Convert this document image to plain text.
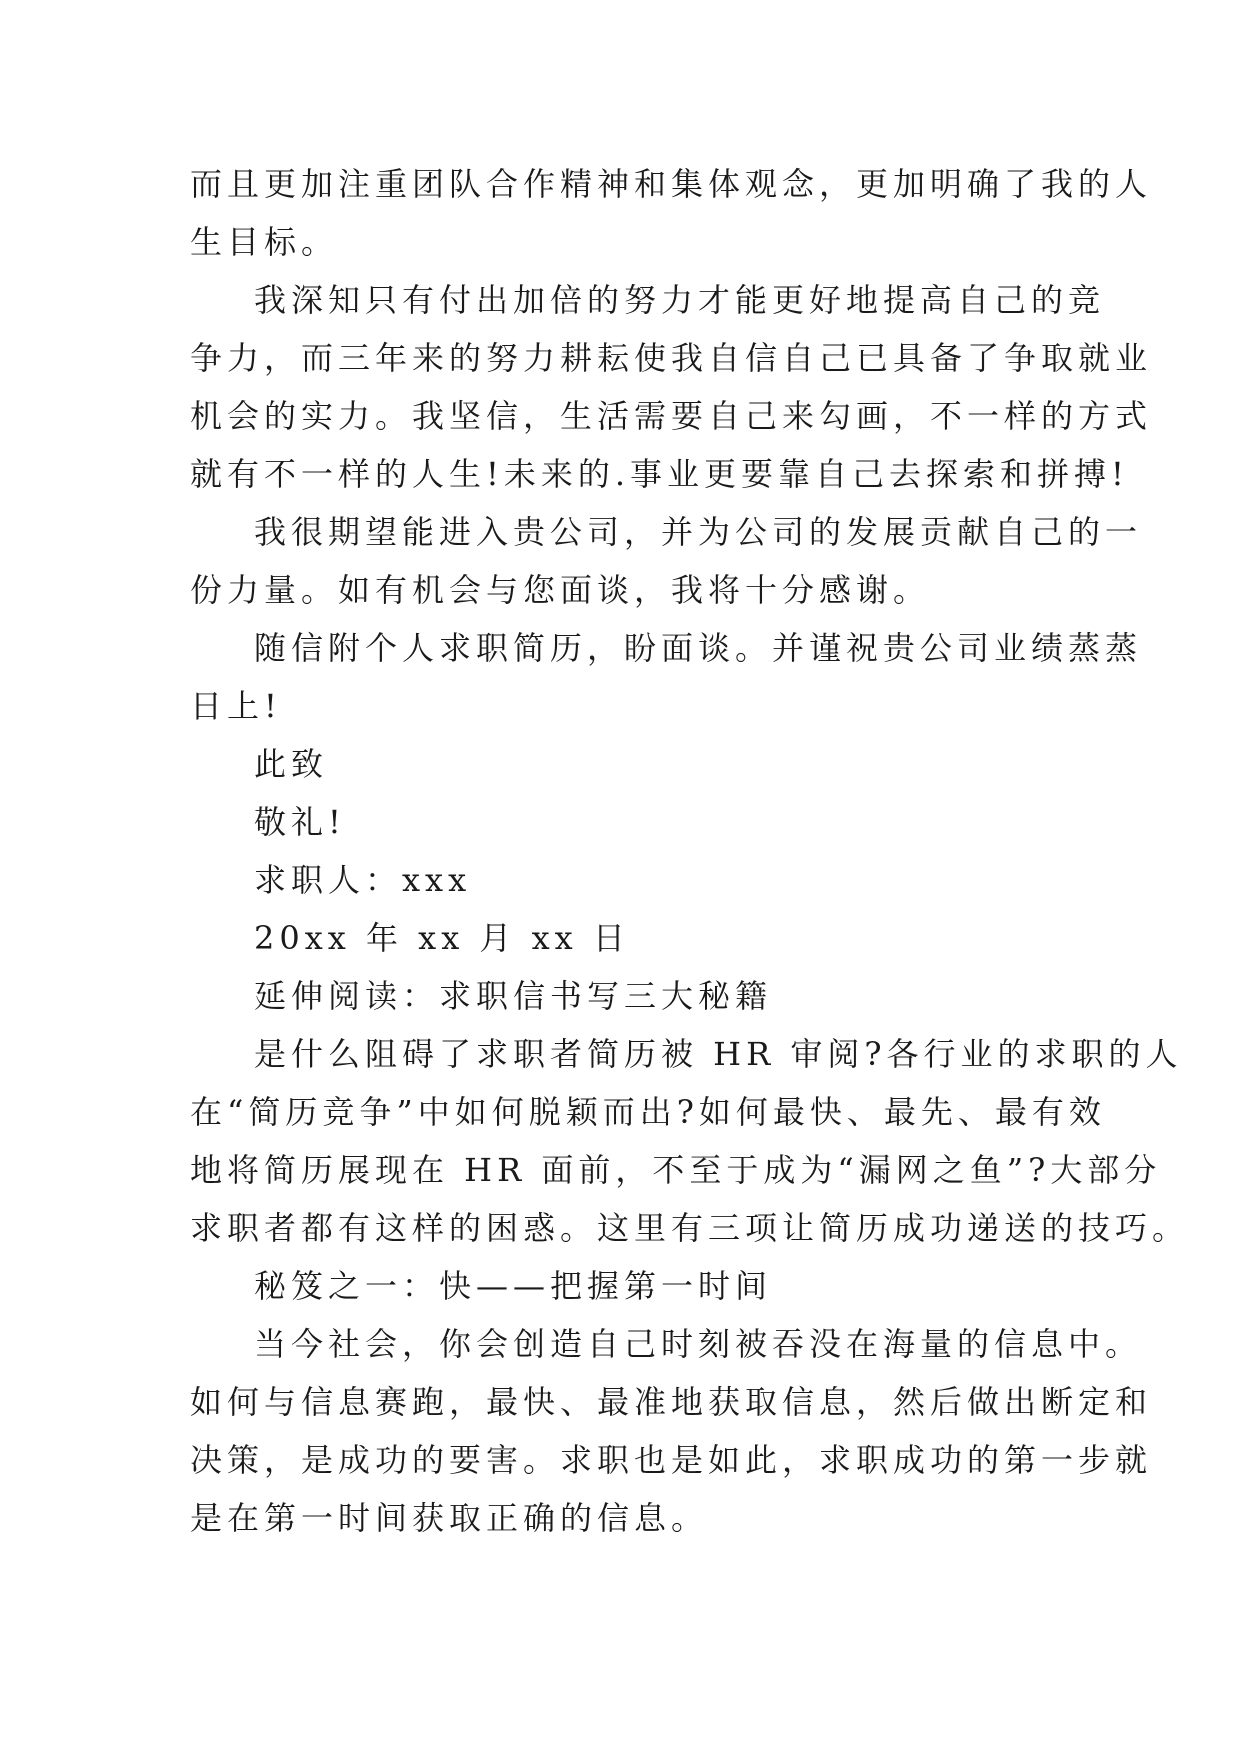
而且更加注重团队合作精神和集体观念，更加明确了我的人
生目标。
我深知只有付出加倍的努力才能更好地提高自己的竞
争力，而三年来的努力耕耘使我自信自己已具备了争取就业
机会的实力。我坚信，生活需要自己来勾画，不一样的方式
就有不一样的人生!未来的.事业更要靠自己去探索和拼搏!
我很期望能进入贵公司，并为公司的发展贡献自己的一
份力量。如有机会与您面谈，我将十分感谢。
随信附个人求职简历，盼面谈。并谨祝贵公司业绩蒸蒸
日上!
此致
敬礼!
求职人：xxx
20xx 年 xx 月 xx 日
延伸阅读：求职信书写三大秘籍
是什么阻碍了求职者简历被 HR 审阅?各行业的求职的人
在“简历竞争”中如何脱颖而出?如何最快、最先、最有效
地将简历展现在 HR 面前，不至于成为“漏网之鱼”?大部分
求职者都有这样的困惑。这里有三项让简历成功递送的技巧。
秘笈之一：快——把握第一时间
当今社会，你会创造自己时刻被吞没在海量的信息中。
如何与信息赛跑，最快、最准地获取信息，然后做出断定和
决策，是成功的要害。求职也是如此，求职成功的第一步就
是在第一时间获取正确的信息。
